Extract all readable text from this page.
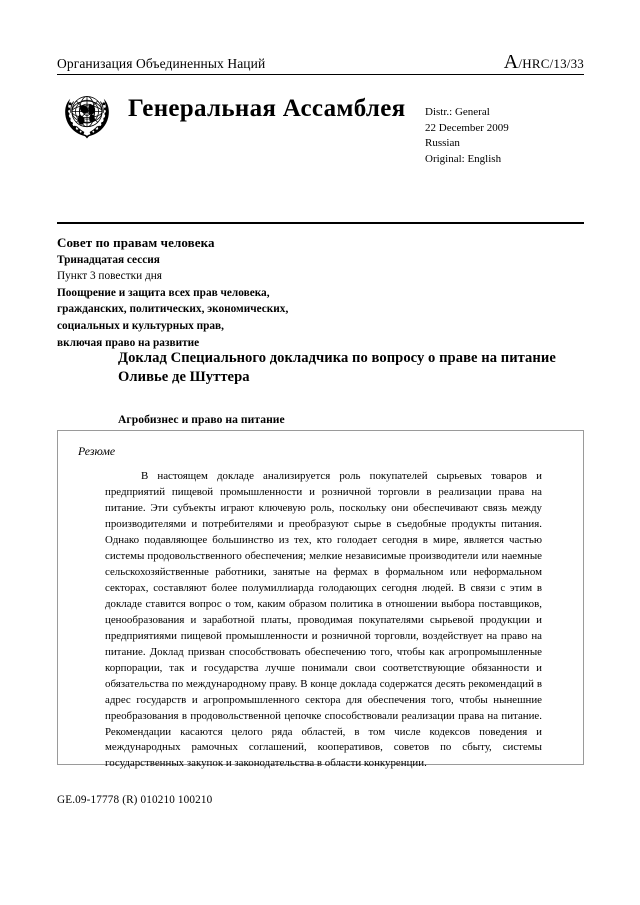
Организация Объединенных Наций	A/HRC/13/33
Генеральная Ассамблея Distr.: General
22 December 2009
Russian
Original: English
Совет по правам человека
Тринадцатая сессия
Пункт 3 повестки дня
Поощрение и защита всех прав человека,
гражданских, политических, экономических,
социальных и культурных прав,
включая право на развитие
Доклад Специального докладчика по вопросу о праве на питание Оливье де Шуттера
Агробизнес и право на питание
Резюме
В настоящем докладе анализируется роль покупателей сырьевых товаров и предприятий пищевой промышленности и розничной торговли в реализации права на питание. Эти субъекты играют ключевую роль, поскольку они обеспечивают связь между производителями и потребителями и преобразуют сырье в съедобные продукты питания. Однако подавляющее большинство из тех, кто голодает сегодня в мире, является частью системы продовольственного обеспечения; мелкие независимые производители или наемные сельскохозяйственные работники, занятые на фермах в формальном или неформальном секторах, составляют более полумиллиарда голодающих сегодня людей. В связи с этим в докладе ставится вопрос о том, каким образом политика в отношении выбора поставщиков, ценообразования и заработной платы, проводимая покупателями сырьевой продукции и предприятиями пищевой промышленности и розничной торговли, воздействует на право на питание. Доклад призван способствовать обеспечению того, чтобы как агропромышленные корпорации, так и государства лучше понимали свои соответствующие обязанности и обязательства по международному праву. В конце доклада содержатся десять рекомендаций в адрес государств и агропромышленного сектора для обеспечения того, чтобы нынешние преобразования в продовольственной цепочке способствовали реализации права на питание. Рекомендации касаются целого ряда областей, в том числе кодексов поведения и международных рамочных соглашений, кооперативов, советов по сбыту, системы государственных закупок и законодательства в области конкуренции.
GE.09-17778 (R) 010210 100210
